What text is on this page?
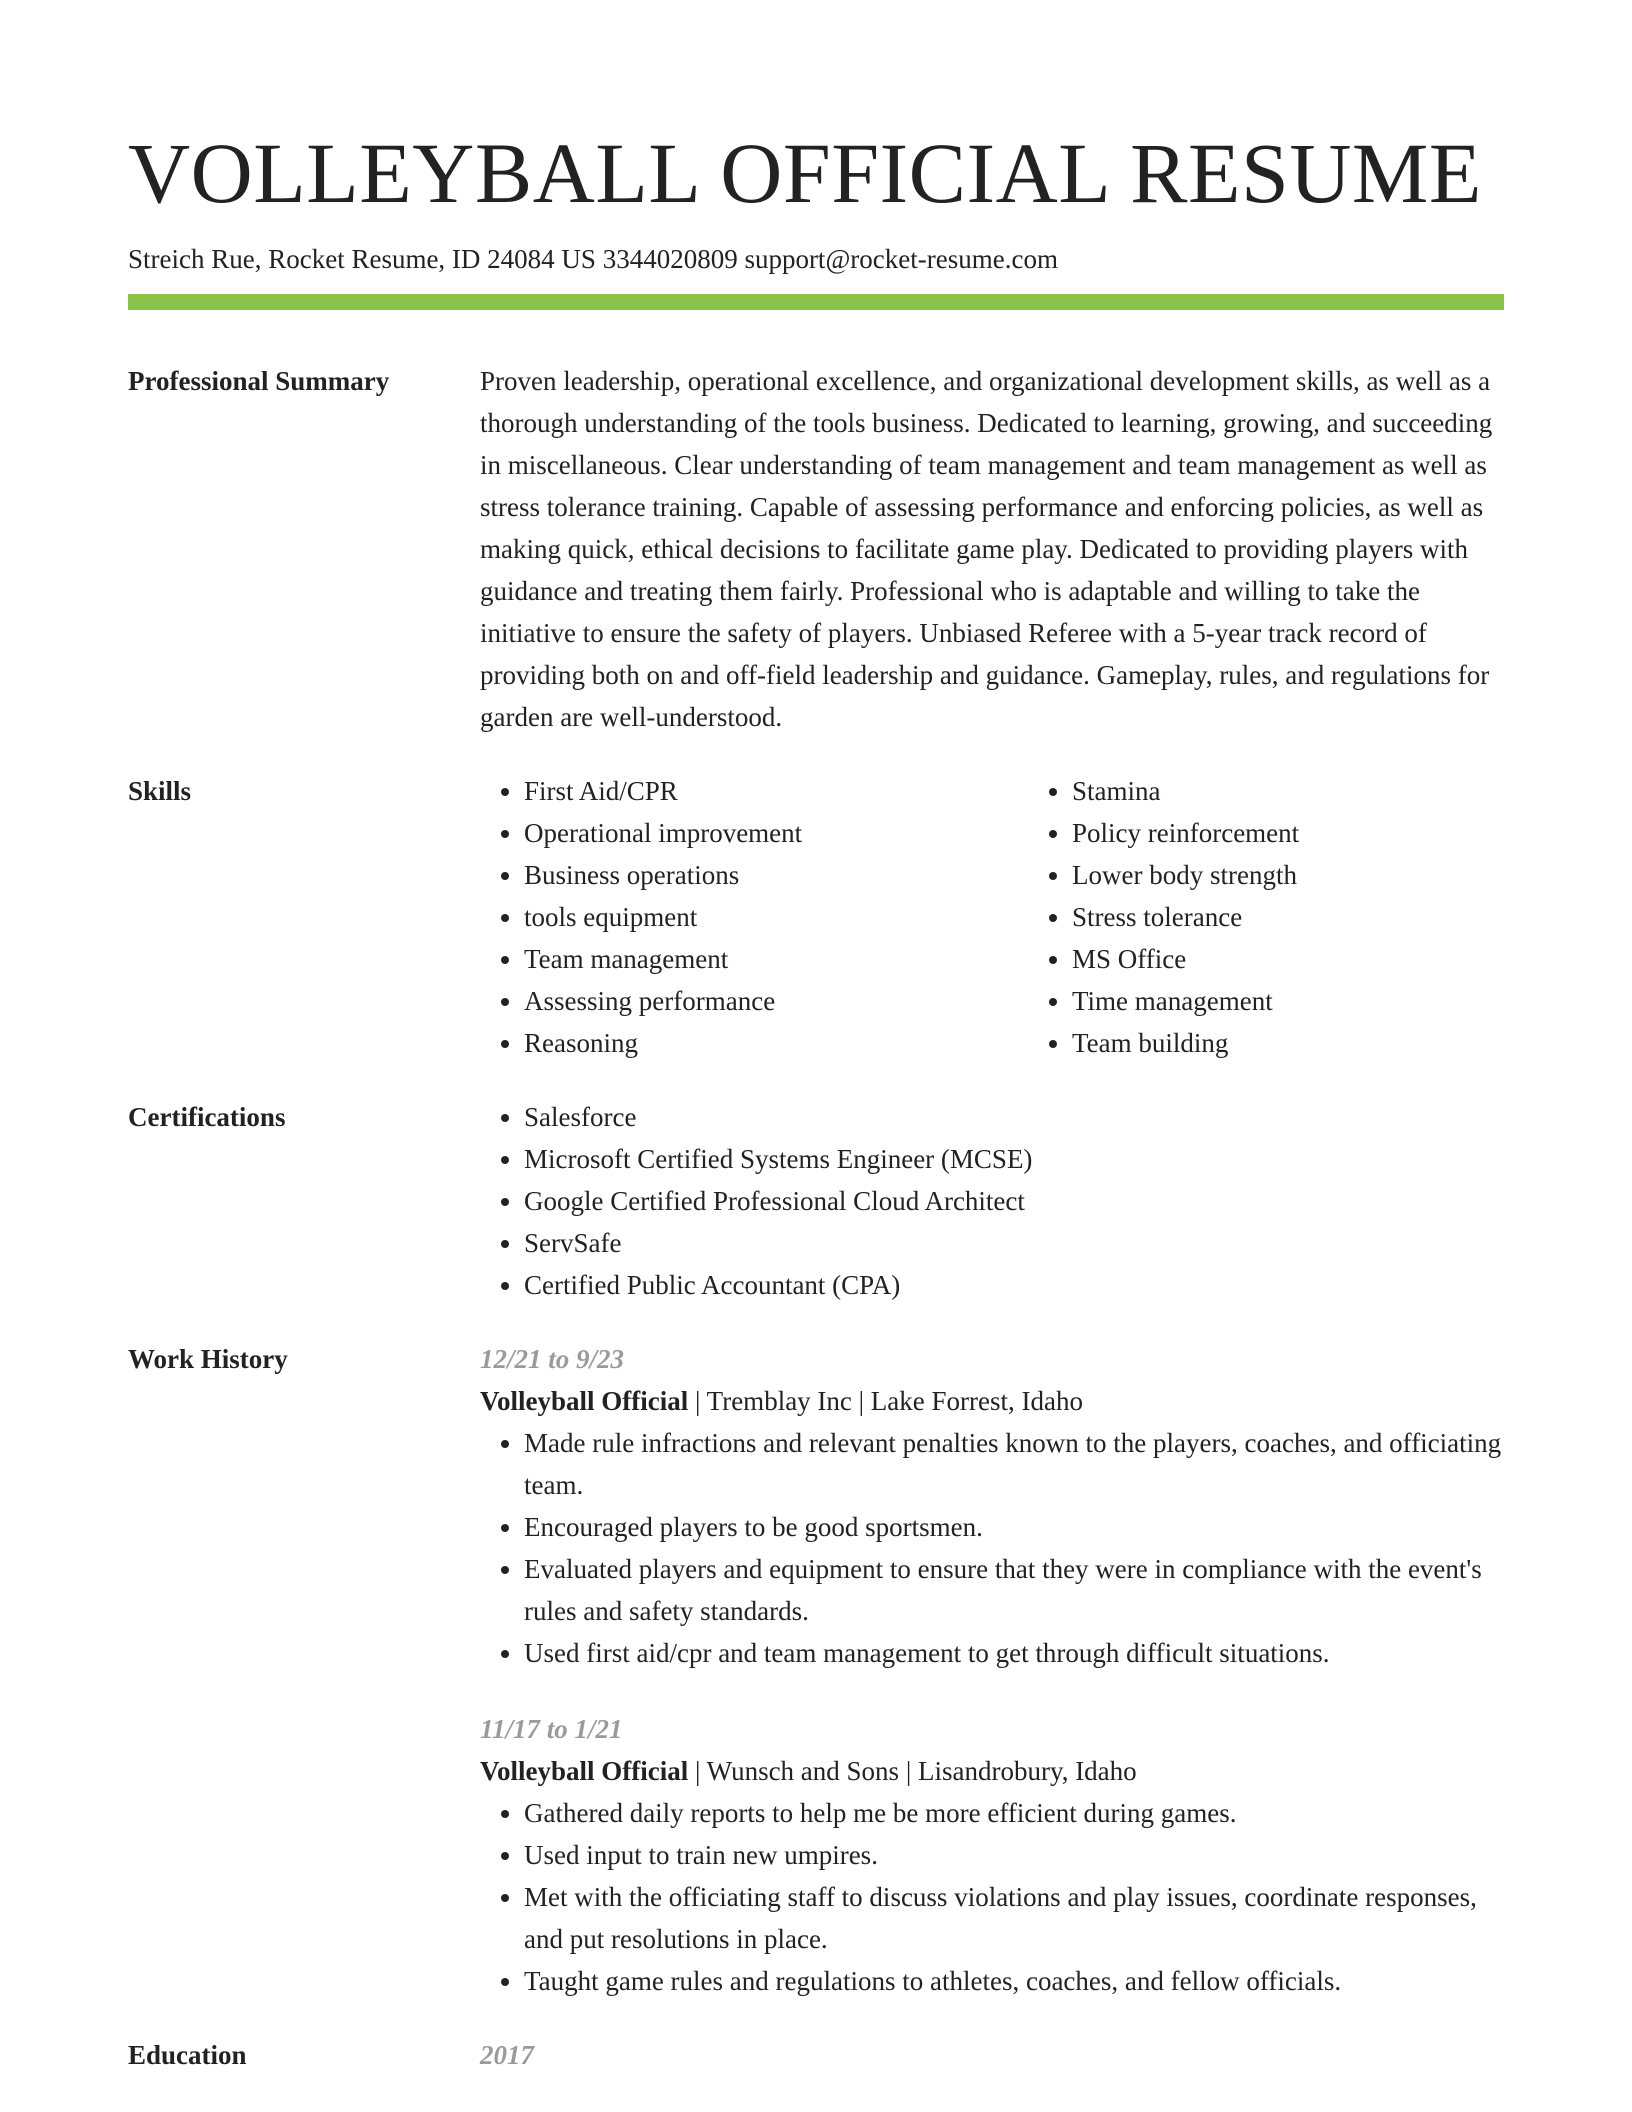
VOLLEYBALL OFFICIAL RESUME
Streich Rue, Rocket Resume, ID 24084 US 3344020809 support@rocket-resume.com
Professional Summary	Proven leadership, operational excellence, and organizational development skills, as well as a thorough understanding of the tools business. Dedicated to learning, growing, and succeeding in miscellaneous. Clear understanding of team management and team management as well as stress tolerance training. Capable of assessing performance and enforcing policies, as well as making quick, ethical decisions to facilitate game play. Dedicated to providing players with guidance and treating them fairly. Professional who is adaptable and willing to take the initiative to ensure the safety of players. Unbiased Referee with a 5-year track record of providing both on and off-field leadership and guidance. Gameplay, rules, and regulations for garden are well-understood.

Skills	• First Aid/CPR
• Operational improvement
• Business operations
• tools equipment
• Team management
• Assessing performance
• Reasoning
• Stamina
• Policy reinforcement
• Lower body strength
• Stress tolerance
• MS Office
• Time management
• Team building
Certifications	• Salesforce
• Microsoft Certified Systems Engineer (MCSE)
• Google Certified Professional Cloud Architect
• ServSafe
• Certified Public Accountant (CPA)
Work History	12/21 to 9/23
Volleyball Official | Tremblay Inc | Lake Forrest, Idaho
• Made rule infractions and relevant penalties known to the players, coaches, and officiating team.
• Encouraged players to be good sportsmen.
• Evaluated players and equipment to ensure that they were in compliance with the event's rules and safety standards.
• Used first aid/cpr and team management to get through difficult situations.
11/17 to 1/21
Volleyball Official | Wunsch and Sons | Lisandrobury, Idaho
• Gathered daily reports to help me be more efficient during games.
• Used input to train new umpires.
• Met with the officiating staff to discuss violations and play issues, coordinate responses, and put resolutions in place.
• Taught game rules and regulations to athletes, coaches, and fellow officials.
Education	2017
